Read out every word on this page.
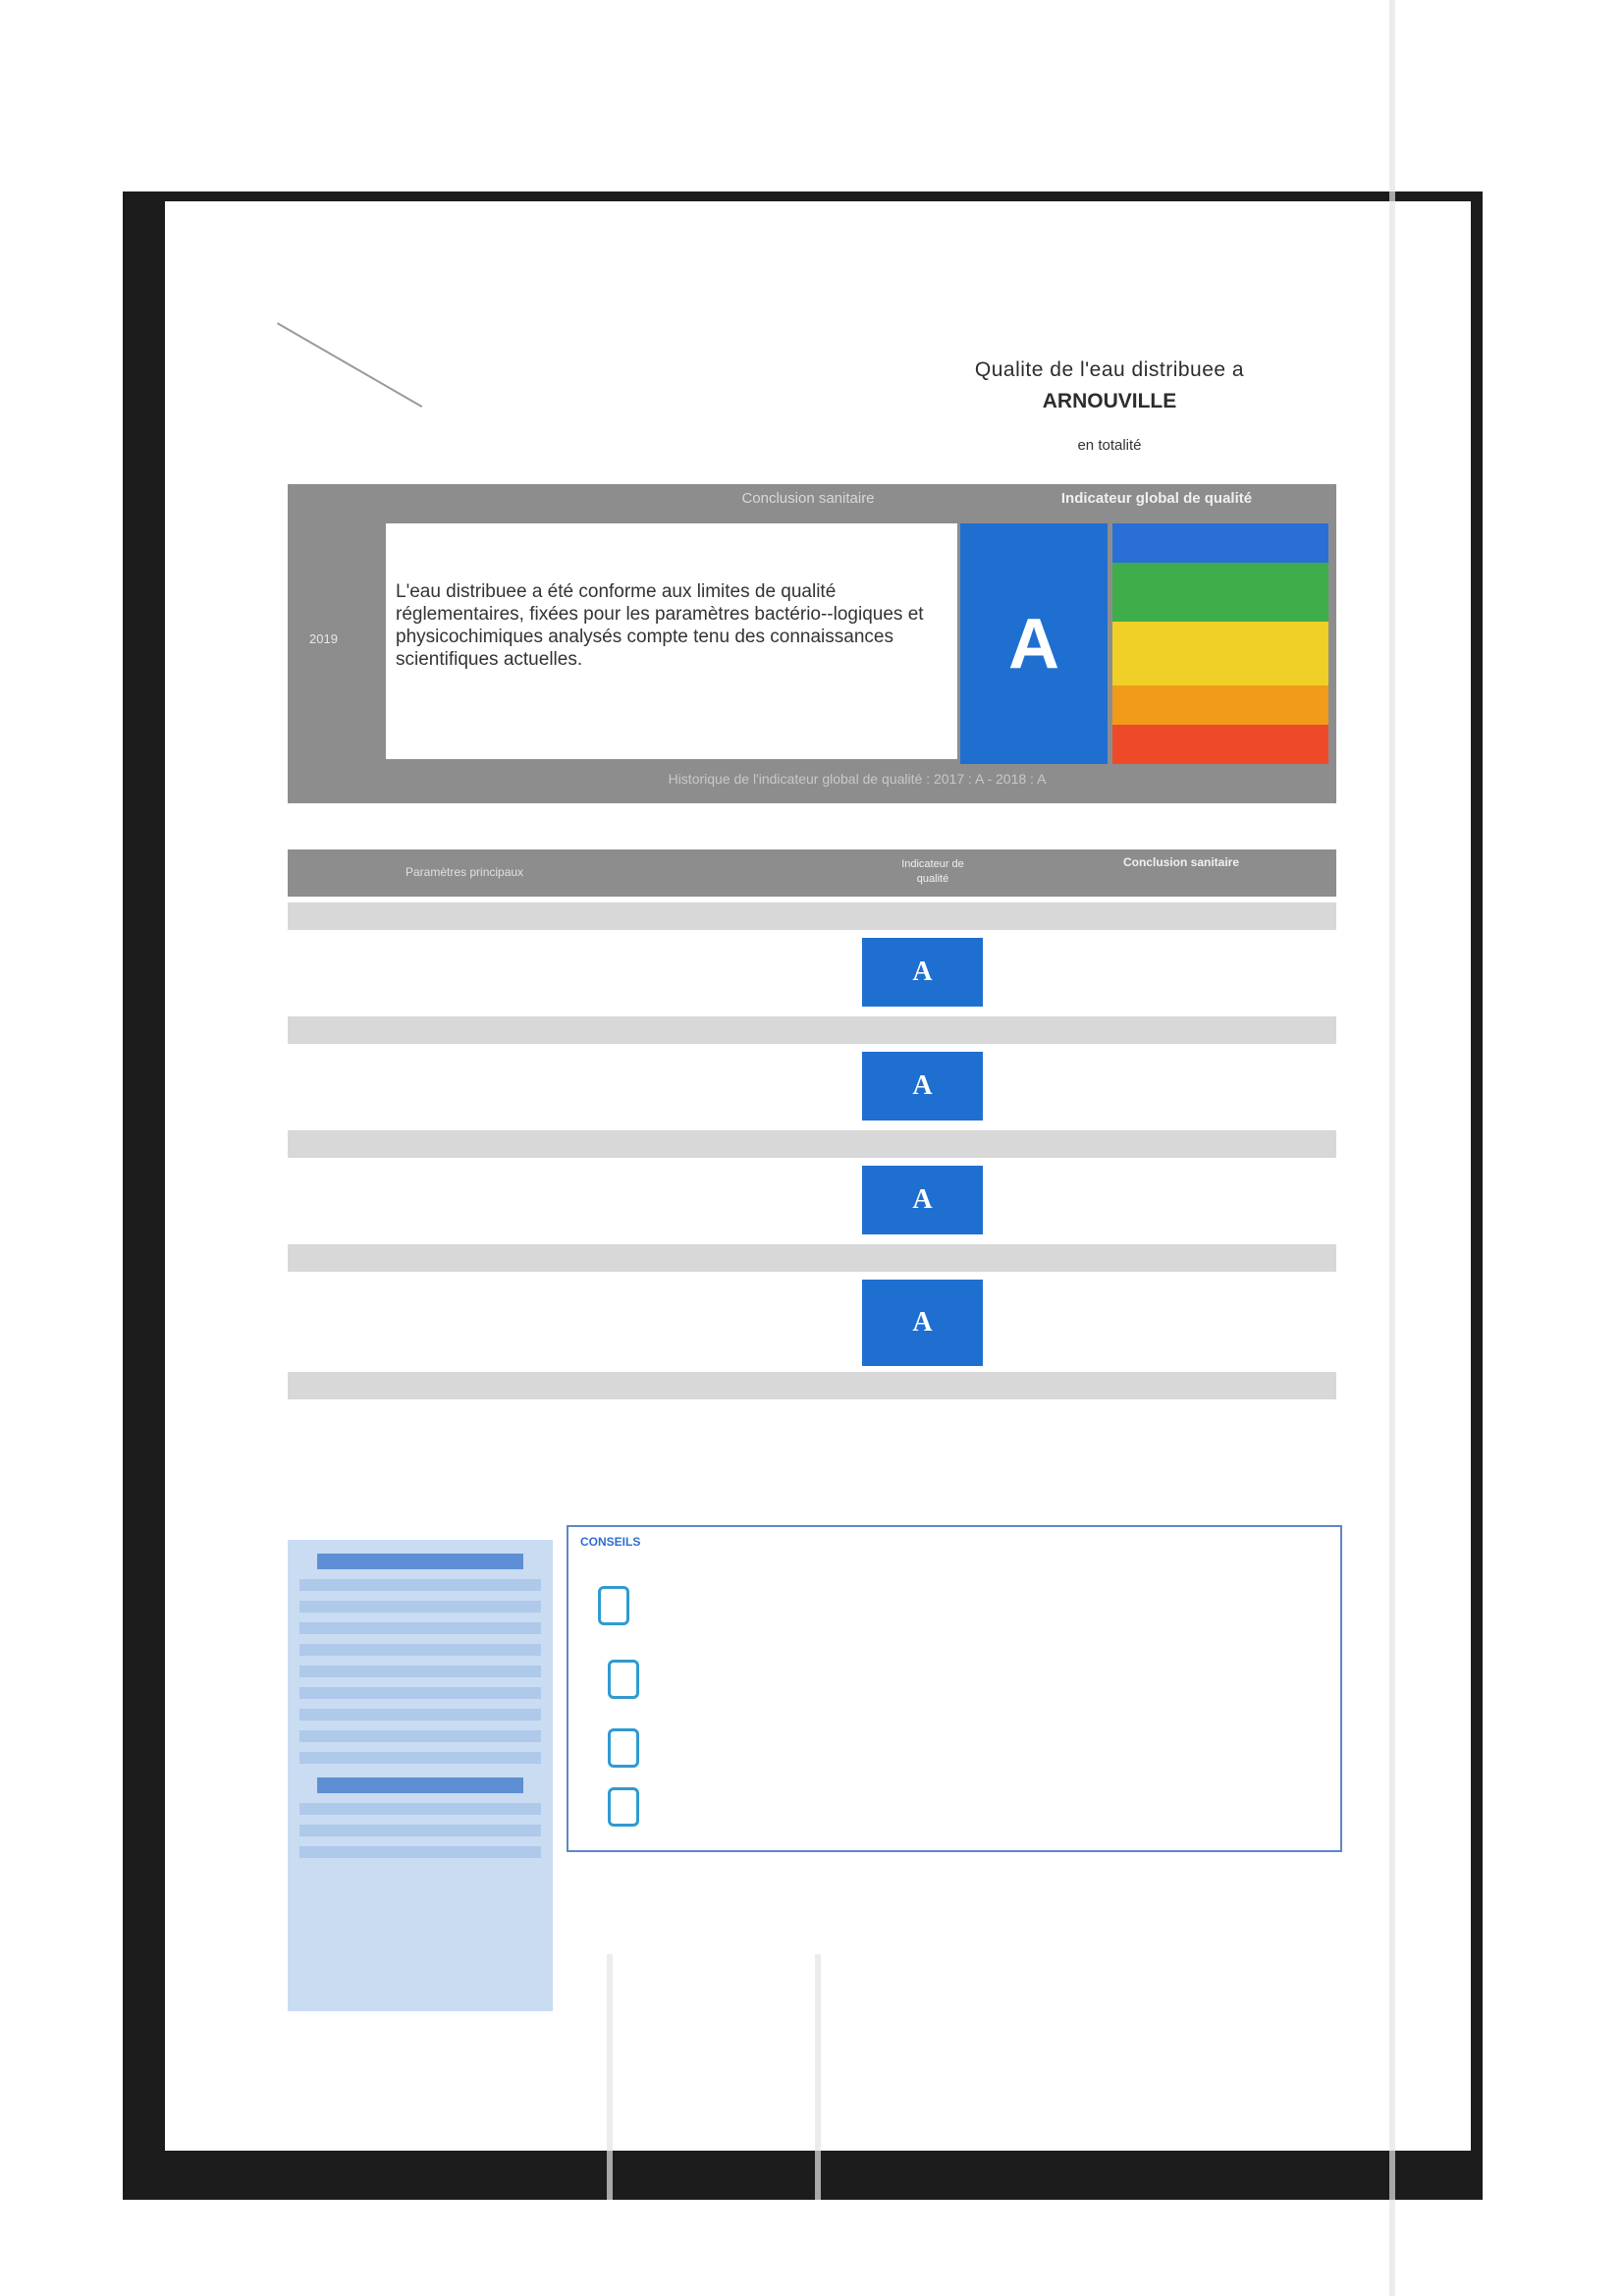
Qualite de l'eau distribuee a
ARNOUVILLE
en totalité
Conclusion sanitaire	Indicateur global de qualité
2019
L'eau distribuee a été conforme aux limites de qualité réglementaires, fixées pour les paramètres bactério--logiques et physicochimiques analysés compte tenu des connaissances scientifiques actuelles.	A
Historique de l'indicateur global de qualité : 2017 : A - 2018 : A
Paramètres principaux
Indicateur de qualité
Conclusion sanitaire
A
A
A
A
CONSEILS
